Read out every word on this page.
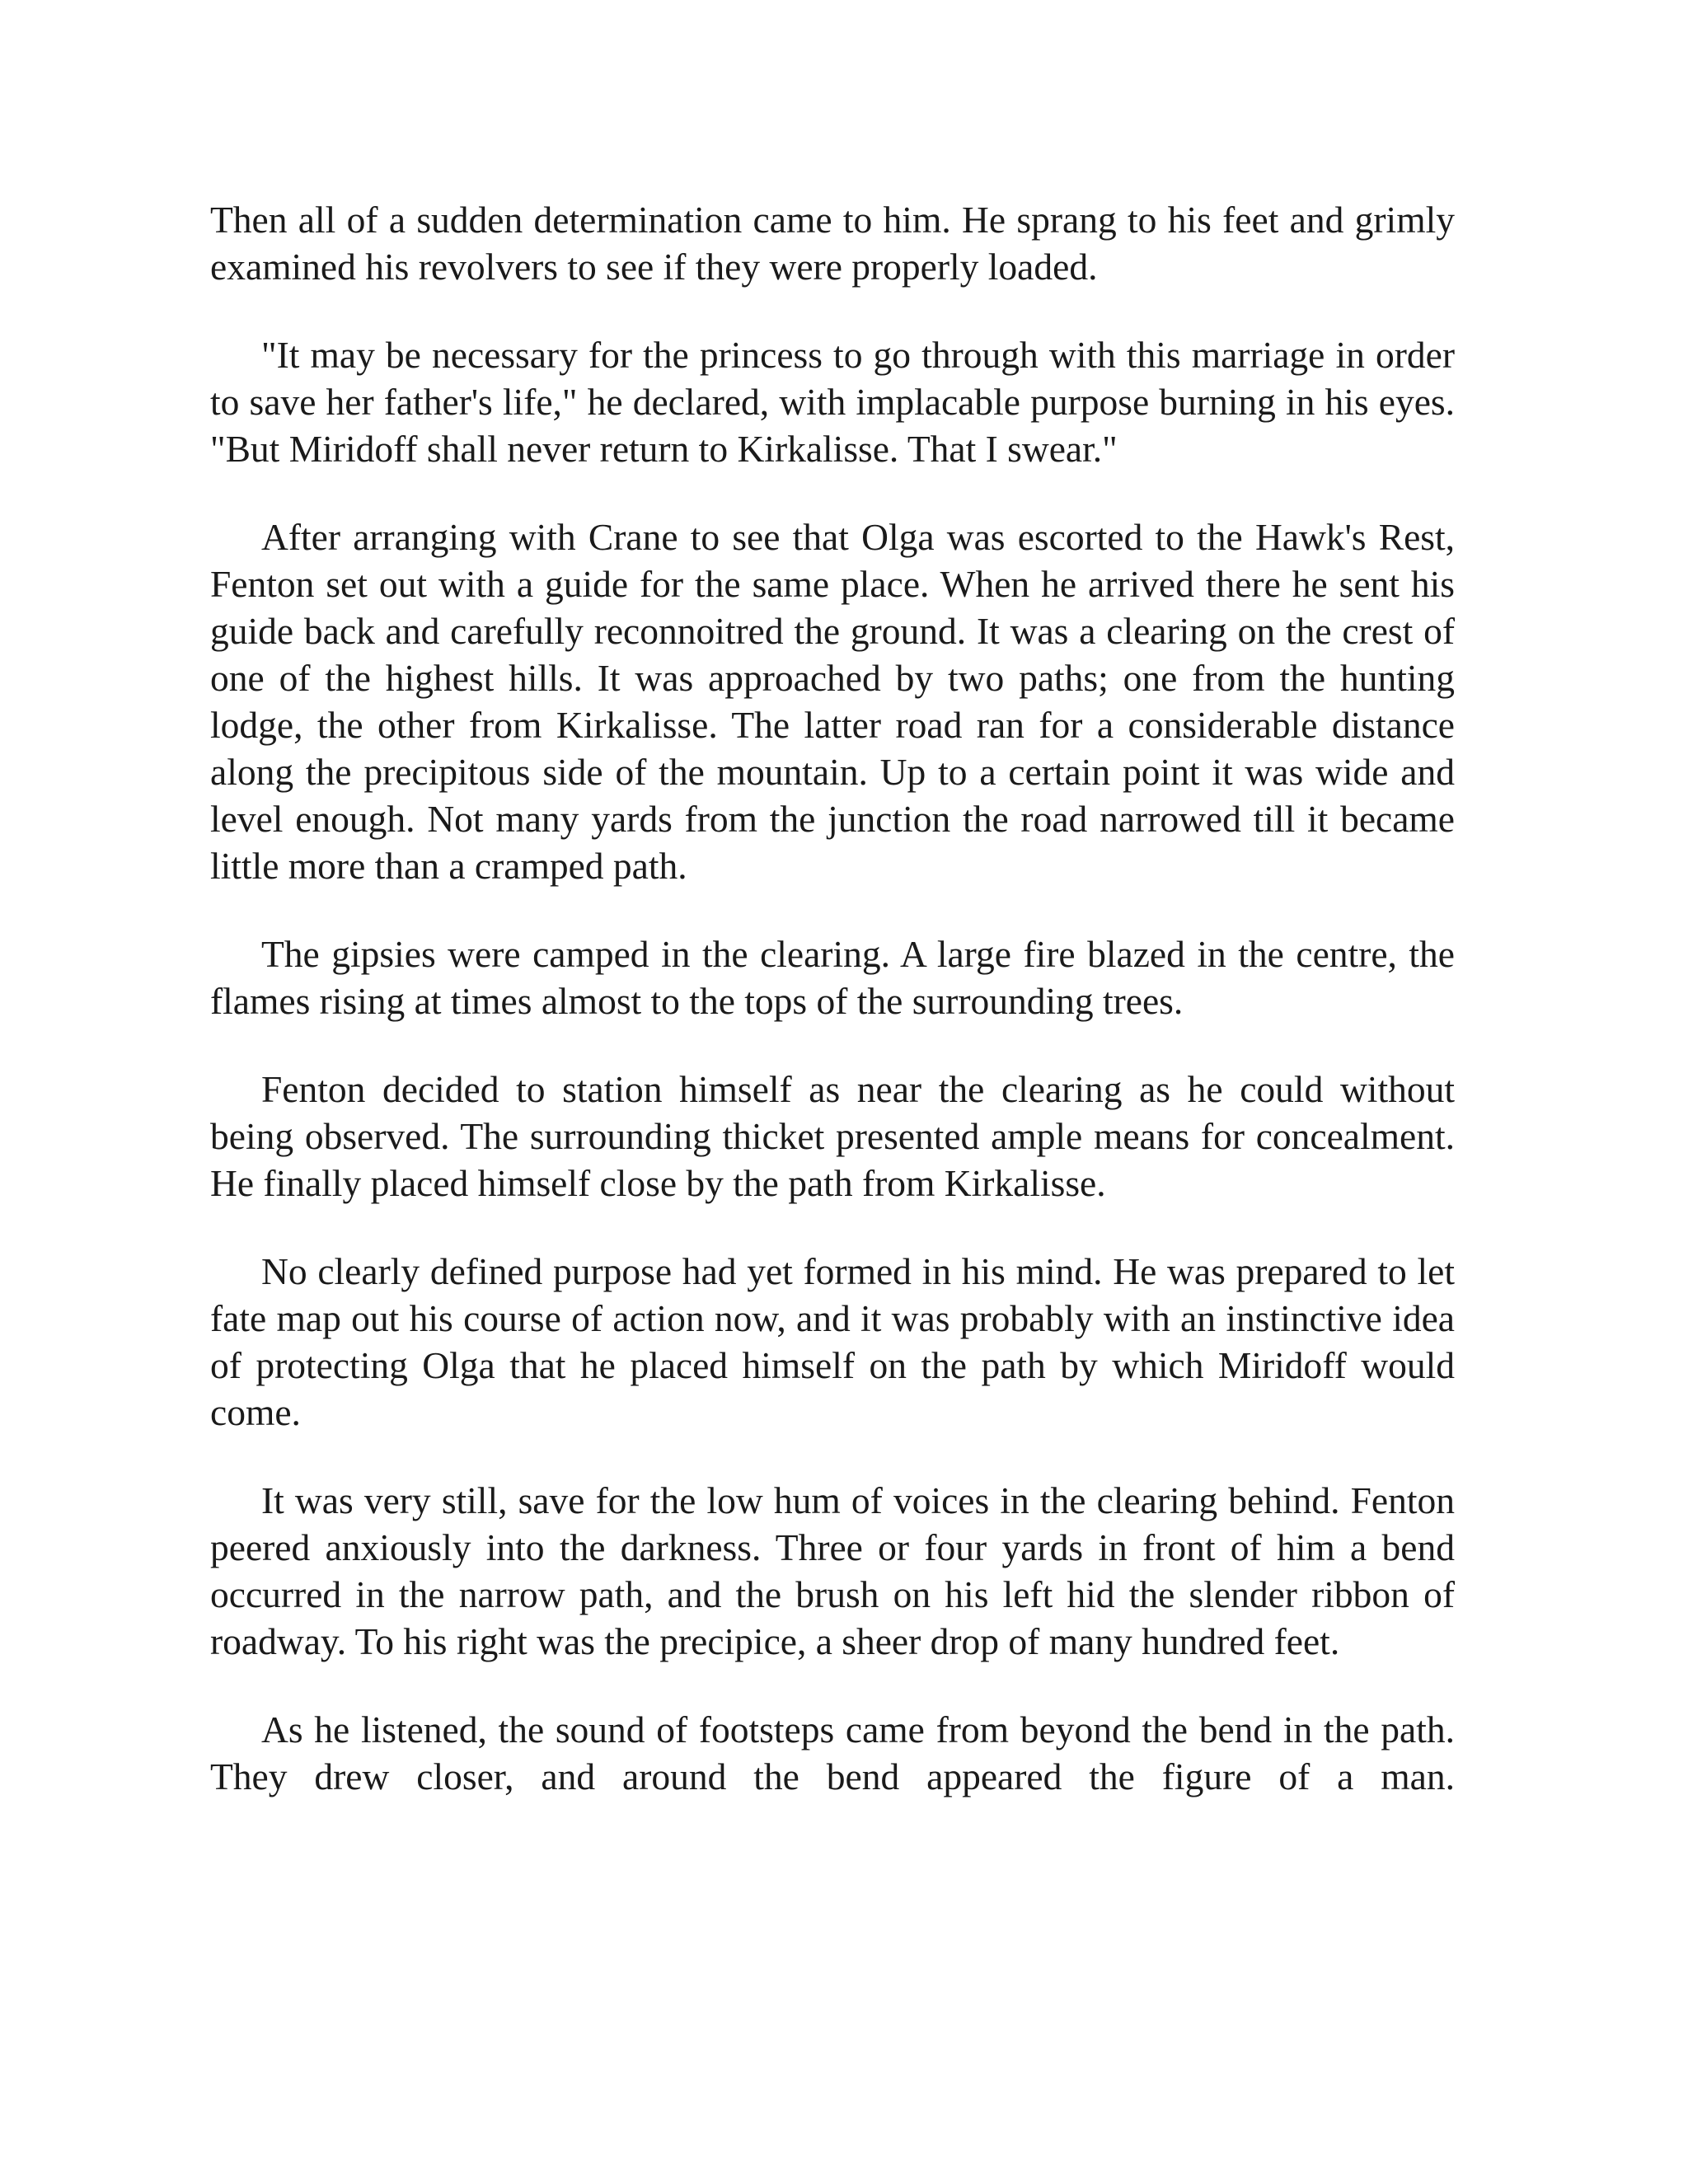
Then all of a sudden determination came to him. He sprang to his feet and grimly examined his revolvers to see if they were properly loaded.

"It may be necessary for the princess to go through with this marriage in order to save her father's life," he declared, with implacable purpose burning in his eyes. "But Miridoff shall never return to Kirkalisse. That I swear."

After arranging with Crane to see that Olga was escorted to the Hawk's Rest, Fenton set out with a guide for the same place. When he arrived there he sent his guide back and carefully reconnoitred the ground. It was a clearing on the crest of one of the highest hills. It was approached by two paths; one from the hunting lodge, the other from Kirkalisse. The latter road ran for a considerable distance along the precipitous side of the mountain. Up to a certain point it was wide and level enough. Not many yards from the junction the road narrowed till it became little more than a cramped path.

The gipsies were camped in the clearing. A large fire blazed in the centre, the flames rising at times almost to the tops of the surrounding trees.

Fenton decided to station himself as near the clearing as he could without being observed. The surrounding thicket presented ample means for concealment. He finally placed himself close by the path from Kirkalisse.

No clearly defined purpose had yet formed in his mind. He was prepared to let fate map out his course of action now, and it was probably with an instinctive idea of protecting Olga that he placed himself on the path by which Miridoff would come.

It was very still, save for the low hum of voices in the clearing behind. Fenton peered anxiously into the darkness. Three or four yards in front of him a bend occurred in the narrow path, and the brush on his left hid the slender ribbon of roadway. To his right was the precipice, a sheer drop of many hundred feet.

As he listened, the sound of footsteps came from beyond the bend in the path. They drew closer, and around the bend appeared the figure of a man.
